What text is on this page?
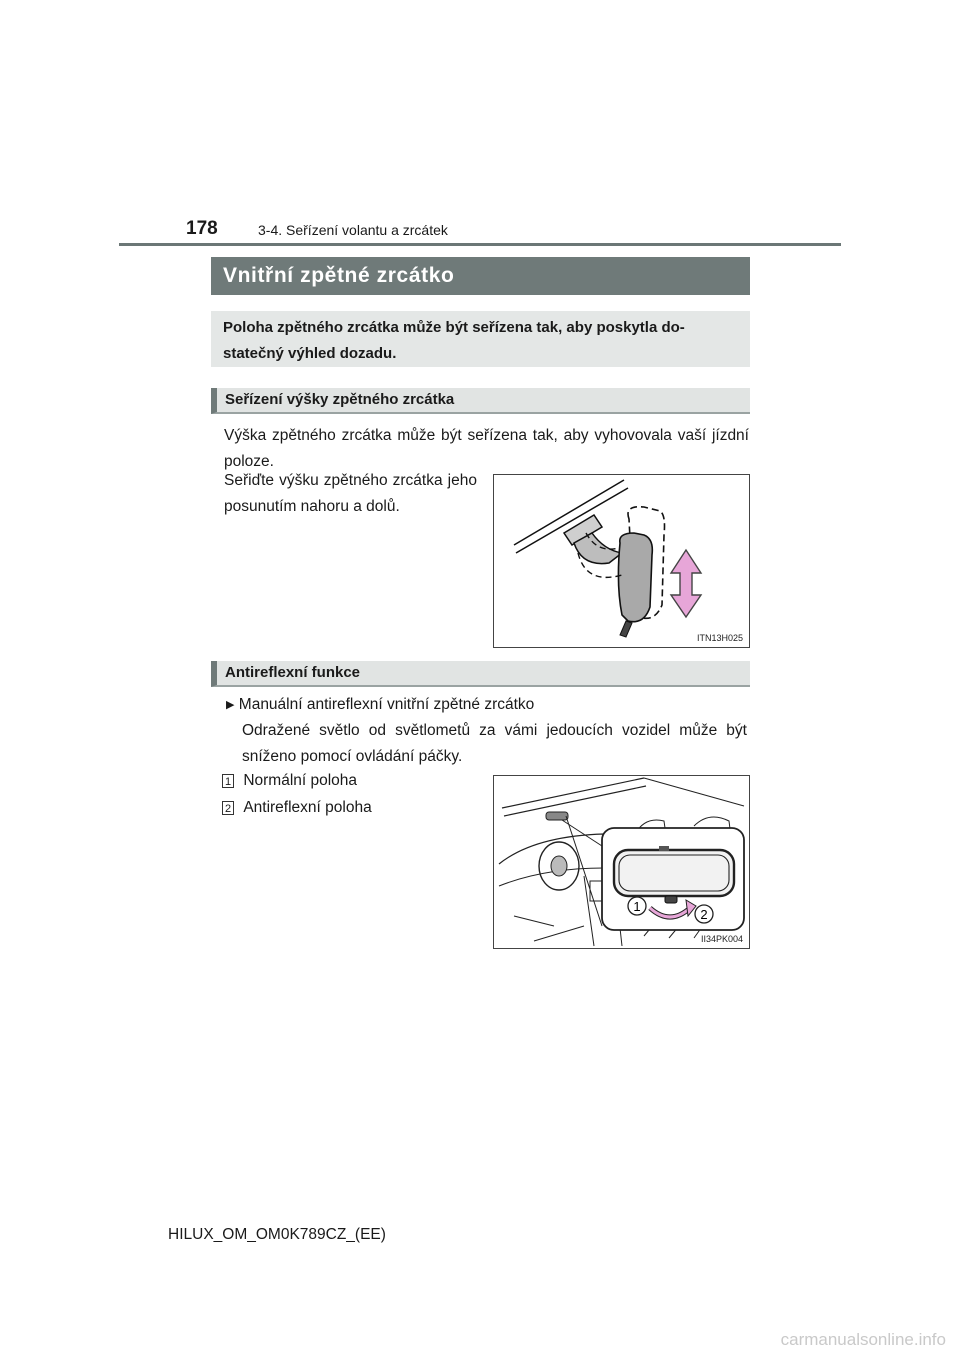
178	3-4. Seřízení volantu a zrcátek
Vnitřní zpětné zrcátko
Poloha zpětného zrcátka může být seřízena tak, aby poskytla do-statečný výhled dozadu.
Seřízení výšky zpětného zrcátka
Výška zpětného zrcátka může být seřízena tak, aby vyhovovala vaší jízdní poloze.
Seřiďte výšku zpětného zrcátka jeho posunutím nahoru a dolů.
ITN13H025
Antireflexní funkce
▶ Manuální antireflexní vnitřní zpětné zrcátko
Odražené světlo od světlometů za vámi jedoucích vozidel může být sníženo pomocí ovládání páčky.
1 Normální poloha
2 Antireflexní poloha
1
2
II34PK004
HILUX_OM_OM0K789CZ_(EE)
carmanualsonline.info
